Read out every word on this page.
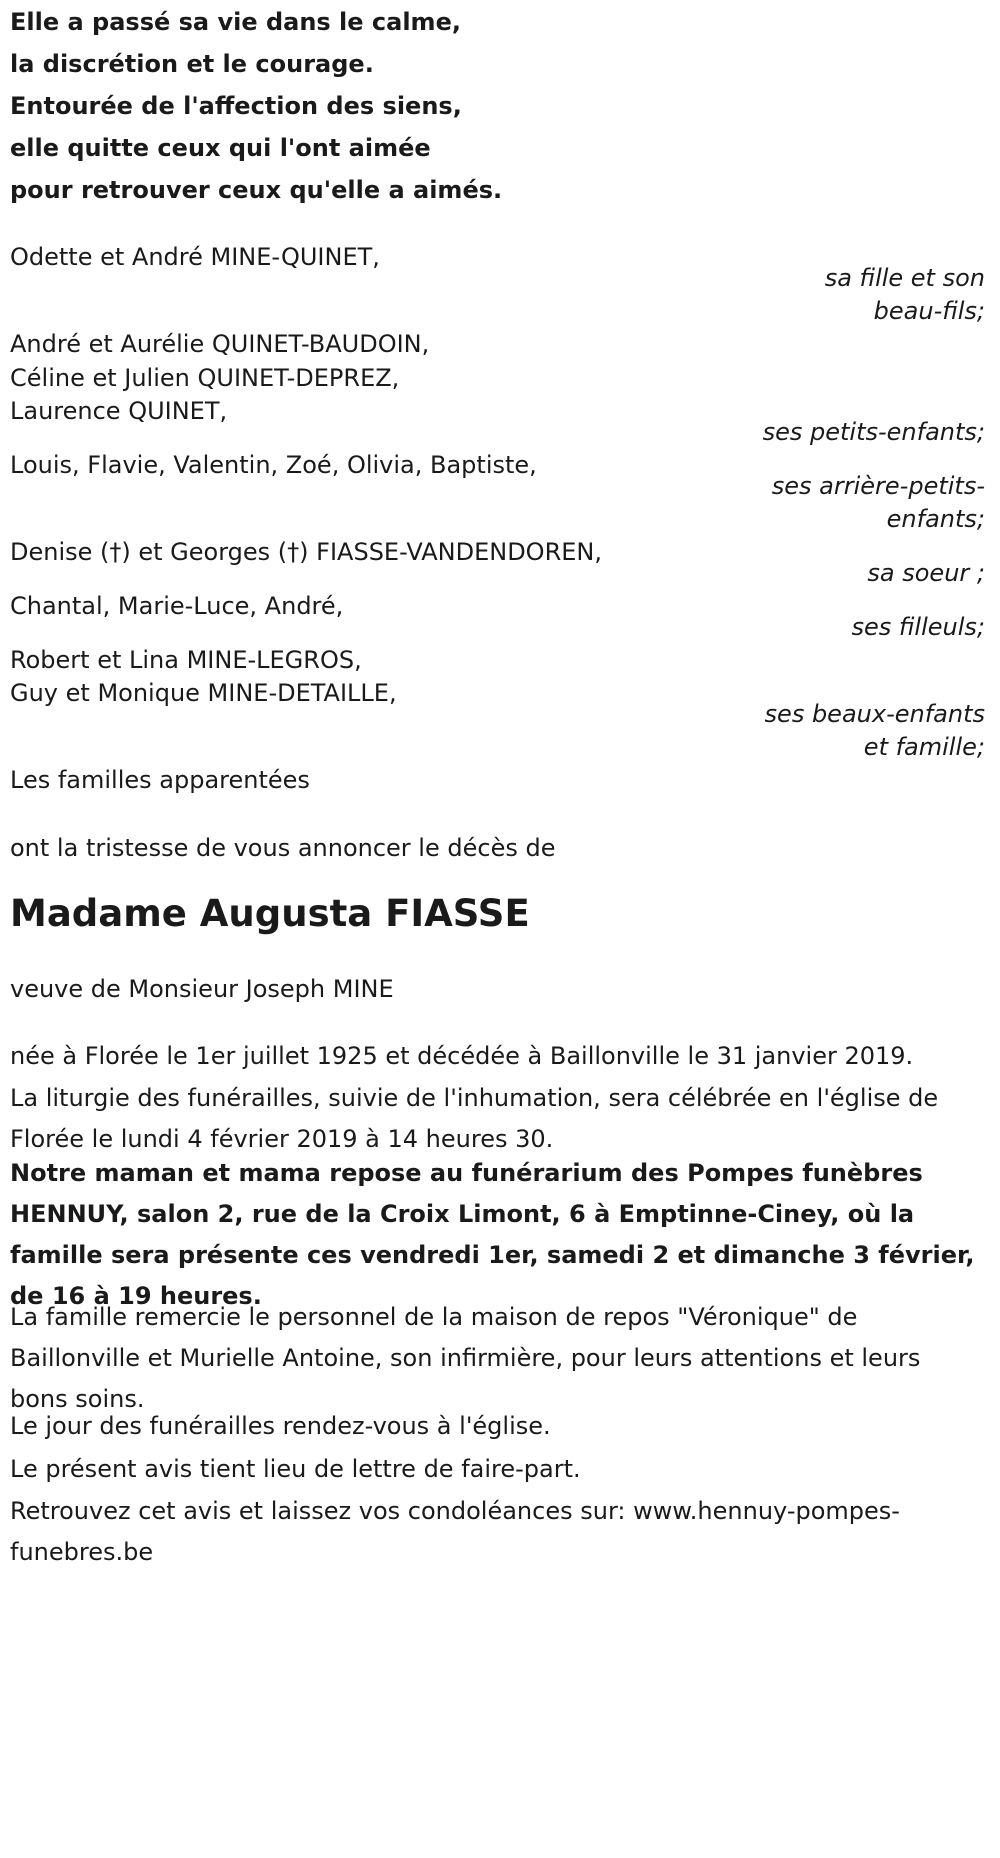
Elle a passé sa vie dans le calme,
la discrétion et le courage.
Entourée de l'affection des siens,
elle quitte ceux qui l'ont aimée
pour retrouver ceux qu'elle a aimés.
Odette et André MINE-QUINET,
sa fille et son
beau-fils;
André et Aurélie QUINET-BAUDOIN,
Céline et Julien QUINET-DEPREZ,
Laurence QUINET,
ses petits-enfants;
Louis, Flavie, Valentin, Zoé, Olivia, Baptiste,
ses arrière-petits-
enfants;
Denise (†) et Georges (†) FIASSE-VANDENDOREN,
sa soeur ;
Chantal, Marie-Luce, André,
ses filleuls;
Robert et Lina MINE-LEGROS,
Guy et Monique MINE-DETAILLE,
ses beaux-enfants
et famille;
Les familles apparentées
ont la tristesse de vous annoncer le décès de
Madame Augusta FIASSE
veuve de Monsieur Joseph MINE
née à Florée le 1er juillet 1925 et décédée à Baillonville le 31 janvier 2019.
La liturgie des funérailles, suivie de l'inhumation, sera célébrée en l'église de Florée le lundi 4 février 2019 à 14 heures 30.
Notre maman et mama repose au funérarium des Pompes funèbres HENNUY, salon 2, rue de la Croix Limont, 6 à Emptinne-Ciney, où la famille sera présente ces vendredi 1er, samedi 2 et dimanche 3 février, de 16 à 19 heures.
La famille remercie le personnel de la maison de repos "Véronique" de Baillonville et Murielle Antoine, son infirmière, pour leurs attentions et leurs bons soins.
Le jour des funérailles rendez-vous à l'église.
Le présent avis tient lieu de lettre de faire-part.
Retrouvez cet avis et laissez vos condoléances sur: www.hennuy-pompes-funebres.be
